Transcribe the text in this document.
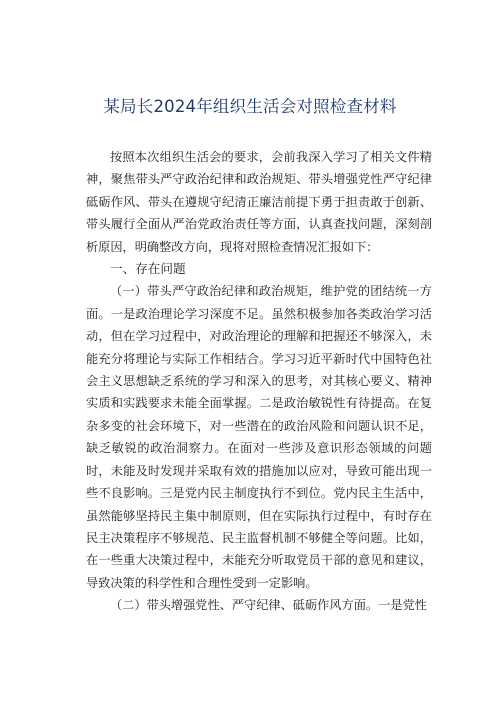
某局长2024年组织生活会对照检查材料

按照本次组织生活会的要求，会前我深入学习了相关文件精神，聚焦带头严守政治纪律和政治规矩、带头增强党性严守纪律砥砺作风、带头在遵规守纪清正廉洁前提下勇于担责敢于创新、带头履行全面从严治党政治责任等方面，认真查找问题，深刻剖析原因，明确整改方向，现将对照检查情况汇报如下：

一、存在问题

（一）带头严守政治纪律和政治规矩，维护党的团结统一方面。一是政治理论学习深度不足。虽然积极参加各类政治学习活动，但在学习过程中，对政治理论的理解和把握还不够深入，未能充分将理论与实际工作相结合。学习习近平新时代中国特色社会主义思想缺乏系统的学习和深入的思考，对其核心要义、精神实质和实践要求未能全面掌握。二是政治敏锐性有待提高。在复杂多变的社会环境下，对一些潜在的政治风险和问题认识不足，缺乏敏锐的政治洞察力。在面对一些涉及意识形态领域的问题时，未能及时发现并采取有效的措施加以应对，导致可能出现一些不良影响。三是党内民主制度执行不到位。党内民主生活中，虽然能够坚持民主集中制原则，但在实际执行过程中，有时存在民主决策程序不够规范、民主监督机制不够健全等问题。比如，在一些重大决策过程中，未能充分听取党员干部的意见和建议，导致决策的科学性和合理性受到一定影响。

（二）带头增强党性、严守纪律、砥砺作风方面。一是党性
